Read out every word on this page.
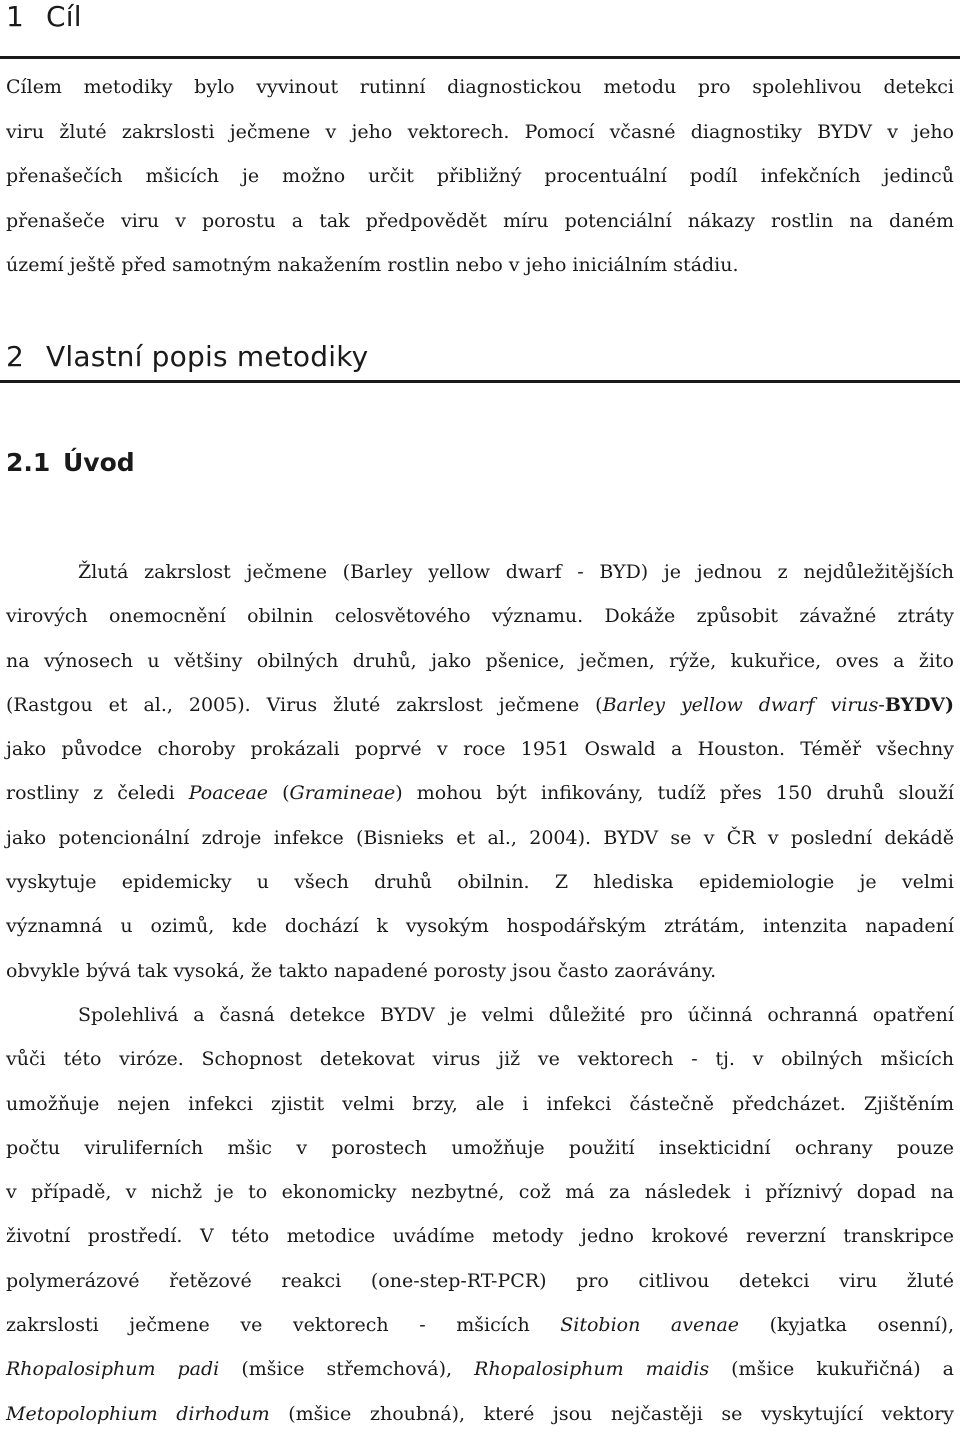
1 Cíl
Cílem metodiky bylo vyvinout rutinní diagnostickou metodu pro spolehlivou detekci
viru žluté zakrslosti ječmene v jeho vektorech. Pomocí včasné diagnostiky BYDV v jeho
přenašečích mšicích je možno určit přibližný procentuální podíl infekčních jedinců
přenašeče viru v porostu a tak předpovědět míru potenciální nákazy rostlin na daném
území ještě před samotným nakažením rostlin nebo v jeho iniciálním stádiu.
2 Vlastní popis metodiky
2.1 Úvod
Žlutá zakrslost ječmene (Barley yellow dwarf - BYD) je jednou z nejdůležitějších
virových onemocnění obilnin celosvětového významu. Dokáže způsobit závažné ztráty
na výnosech u většiny obilných druhů, jako pšenice, ječmen, rýže, kukuřice, oves a žito
(Rastgou et al., 2005). Virus žluté zakrslost ječmene (Barley yellow dwarf virus-BYDV)
jako původce choroby prokázali poprvé v roce 1951 Oswald a Houston. Téměř všechny
rostliny z čeledi Poaceae (Gramineae) mohou být infikovány, tudíž přes 150 druhů slouží
jako potencionální zdroje infekce (Bisnieks et al., 2004). BYDV se v ČR v poslední dekádě
vyskytuje epidemicky u všech druhů obilnin. Z hlediska epidemiologie je velmi
významná u ozimů, kde dochází k vysokým hospodářským ztrátám, intenzita napadení
obvykle bývá tak vysoká, že takto napadené porosty jsou často zaorávány.
Spolehlivá a časná detekce BYDV je velmi důležité pro účinná ochranná opatření
vůči této viróze. Schopnost detekovat virus již ve vektorech - tj. v obilných mšicích
umožňuje nejen infekci zjistit velmi brzy, ale i infekci částečně předcházet. Zjištěním
počtu viruliferních mšic v porostech umožňuje použití insekticidní ochrany pouze
v případě, v nichž je to ekonomicky nezbytné, což má za následek i příznivý dopad na
životní prostředí. V této metodice uvádíme metody jedno krokové reverzní transkripce
polymerázové řetězové reakci (one-step-RT-PCR) pro citlivou detekci viru žluté
zakrslosti ječmene ve vektorech - mšicích Sitobion avenae (kyjatka osenní),
Rhopalosiphum padi (mšice střemchová), Rhopalosiphum maidis (mšice kukuřičná) a
Metopolophium dirhodum (mšice zhoubná), které jsou nejčastěji se vyskytující vektory
